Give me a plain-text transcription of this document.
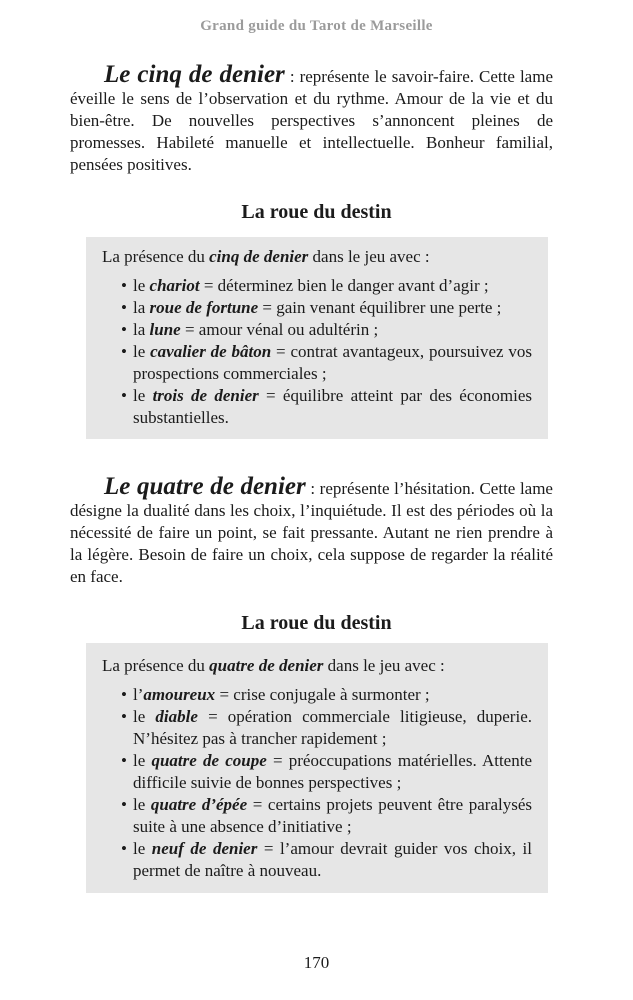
Grand guide du Tarot de Marseille

Le cinq de denier : représente le savoir-faire. Cette lame éveille le sens de l’observation et du rythme. Amour de la vie et du bien-être. De nouvelles perspectives s’annoncent pleines de promesses. Habileté manuelle et intellectuelle. Bonheur familial, pensées positives.

La roue du destin

La présence du cinq de denier dans le jeu avec :

• le chariot = déterminez bien le danger avant d’agir ;
• la roue de fortune = gain venant équilibrer une perte ;
• la lune = amour vénal ou adultérin ;
• le cavalier de bâton = contrat avantageux, poursuivez vos prospections commerciales ;
• le trois de denier = équilibre atteint par des économies substantielles.

Le quatre de denier : représente l’hésitation. Cette lame désigne la dualité dans les choix, l’inquiétude. Il est des périodes où la nécessité de faire un point, se fait pressante. Autant ne rien prendre à la légère. Besoin de faire un choix, cela suppose de regarder la réalité en face.

La roue du destin

La présence du quatre de denier dans le jeu avec :

• l’amoureux = crise conjugale à surmonter ;
• le diable = opération commerciale litigieuse, duperie. N’hésitez pas à trancher rapidement ;
• le quatre de coupe = préoccupations matérielles. Attente difficile suivie de bonnes perspectives ;
• le quatre d’épée = certains projets peuvent être paralysés suite à une absence d’initiative ;
• le neuf de denier = l’amour devrait guider vos choix, il permet de naître à nouveau.
170
